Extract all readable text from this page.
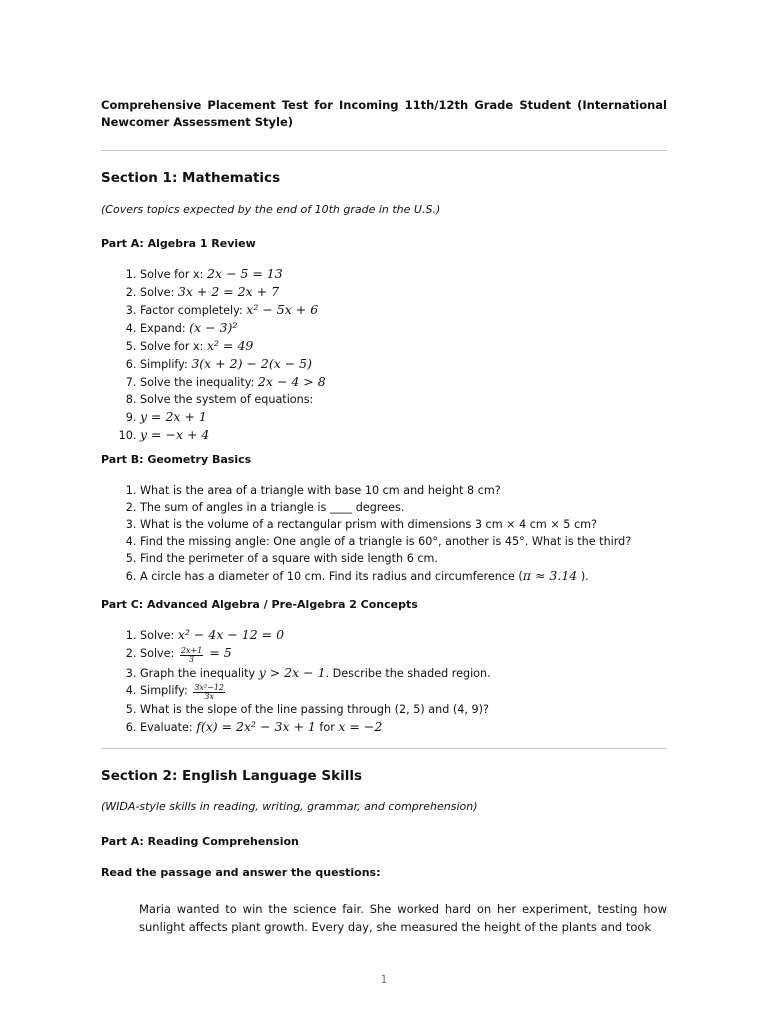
Comprehensive Placement Test for Incoming 11th/12th Grade Student (International Newcomer Assessment Style)
Section 1: Mathematics
(Covers topics expected by the end of 10th grade in the U.S.)
Part A: Algebra 1 Review
1. Solve for x: 2x − 5 = 13
2. Solve: 3x + 2 = 2x + 7
3. Factor completely: x² − 5x + 6
4. Expand: (x − 3)²
5. Solve for x: x² = 49
6. Simplify: 3(x + 2) − 2(x − 5)
7. Solve the inequality: 2x − 4 > 8
8. Solve the system of equations:
9. y = 2x + 1
10. y = −x + 4
Part B: Geometry Basics
1. What is the area of a triangle with base 10 cm and height 8 cm?
2. The sum of angles in a triangle is ____ degrees.
3. What is the volume of a rectangular prism with dimensions 3 cm × 4 cm × 5 cm?
4. Find the missing angle: One angle of a triangle is 60°, another is 45°. What is the third?
5. Find the perimeter of a square with side length 6 cm.
6. A circle has a diameter of 10 cm. Find its radius and circumference (π ≈ 3.14 ).
Part C: Advanced Algebra / Pre-Algebra 2 Concepts
1. Solve: x² − 4x − 12 = 0
2. Solve: $\frac{2x+1}{3} = 5$
3. Graph the inequality y > 2x − 1. Describe the shaded region.
4. Simplify: $\frac{\text{3x²−12}}{3x}$
5. What is the slope of the line passing through (2, 5) and (4, 9)?
6. Evaluate: f(x) = 2x² − 3x + 1 for x = −2
Section 2: English Language Skills
(WIDA-style skills in reading, writing, grammar, and comprehension)
Part A: Reading Comprehension
Read the passage and answer the questions:
Maria wanted to win the science fair. She worked hard on her experiment, testing how sunlight affects plant growth. Every day, she measured the height of the plants and took
1
